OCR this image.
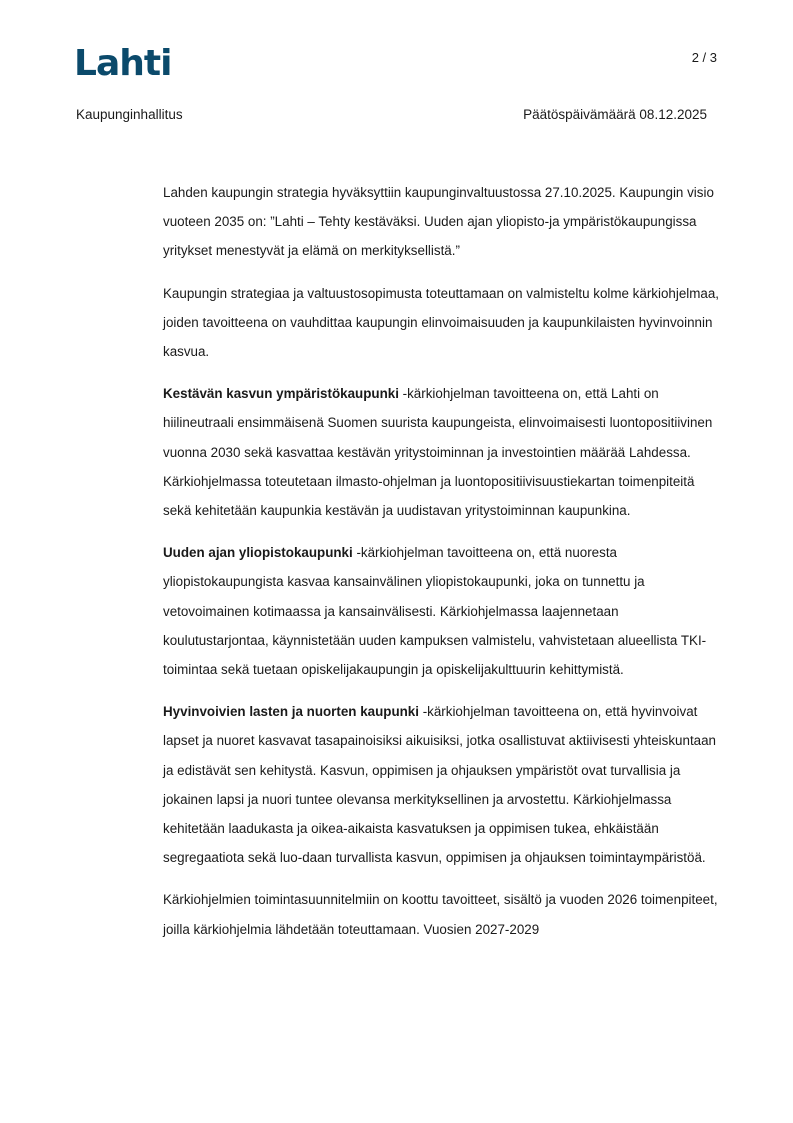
Lahti	2 / 3
Kaupunginhallitus	Päätöspäivämäärä 08.12.2025

Lahden kaupungin strategia hyväksyttiin kaupunginvaltuustossa 27.10.2025. Kaupungin visio vuoteen 2035 on: ”Lahti – Tehty kestäväksi. Uuden ajan yliopisto-ja ympäristökaupungissa yritykset menestyvät ja elämä on merkityksellistä.”

Kaupungin strategiaa ja valtuustosopimusta toteuttamaan on valmisteltu kolme kärkiohjelmaa, joiden tavoitteena on vauhdittaa kaupungin elinvoimaisuuden ja kaupunkilaisten hyvinvoinnin kasvua.

Kestävän kasvun ympäristökaupunki -kärkiohjelman tavoitteena on, että Lahti on hiilineutraali ensimmäisenä Suomen suurista kaupungeista, elinvoimaisesti luontopositiivinen vuonna 2030 sekä kasvattaa kestävän yritystoiminnan ja investointien määrää Lahdessa. Kärkiohjelmassa toteutetaan ilmasto-ohjelman ja luontopositiivisuustiekartan toimenpiteitä sekä kehitetään kaupunkia kestävän ja uudistavan yritystoiminnan kaupunkina.

Uuden ajan yliopistokaupunki -kärkiohjelman tavoitteena on, että nuoresta yliopistokaupungista kasvaa kansainvälinen yliopistokaupunki, joka on tunnettu ja vetovoimainen kotimaassa ja kansainvälisesti. Kärkiohjelmassa laajennetaan koulutustarjontaa, käynnistetään uuden kampuksen valmistelu, vahvistetaan alueellista TKI-toimintaa sekä tuetaan opiskelijakaupungin ja opiskelijakulttuurin kehittymistä.

Hyvinvoivien lasten ja nuorten kaupunki -kärkiohjelman tavoitteena on, että hyvinvoivat lapset ja nuoret kasvavat tasapainoisiksi aikuisiksi, jotka osallistuvat aktiivisesti yhteiskuntaan ja edistävät sen kehitystä. Kasvun, oppimisen ja ohjauksen ympäristöt ovat turvallisia ja jokainen lapsi ja nuori tuntee olevansa merkityksellinen ja arvostettu. Kärkiohjelmassa kehitetään laadukasta ja oikea-aikaista kasvatuksen ja oppimisen tukea, ehkäistään segregaatiota sekä luo-daan turvallista kasvun, oppimisen ja ohjauksen toimintaympäristöä.

Kärkiohjelmien toimintasuunnitelmiin on koottu tavoitteet, sisältö ja vuoden 2026 toimenpiteet, joilla kärkiohjelmia lähdetään toteuttamaan. Vuosien 2027-2029
